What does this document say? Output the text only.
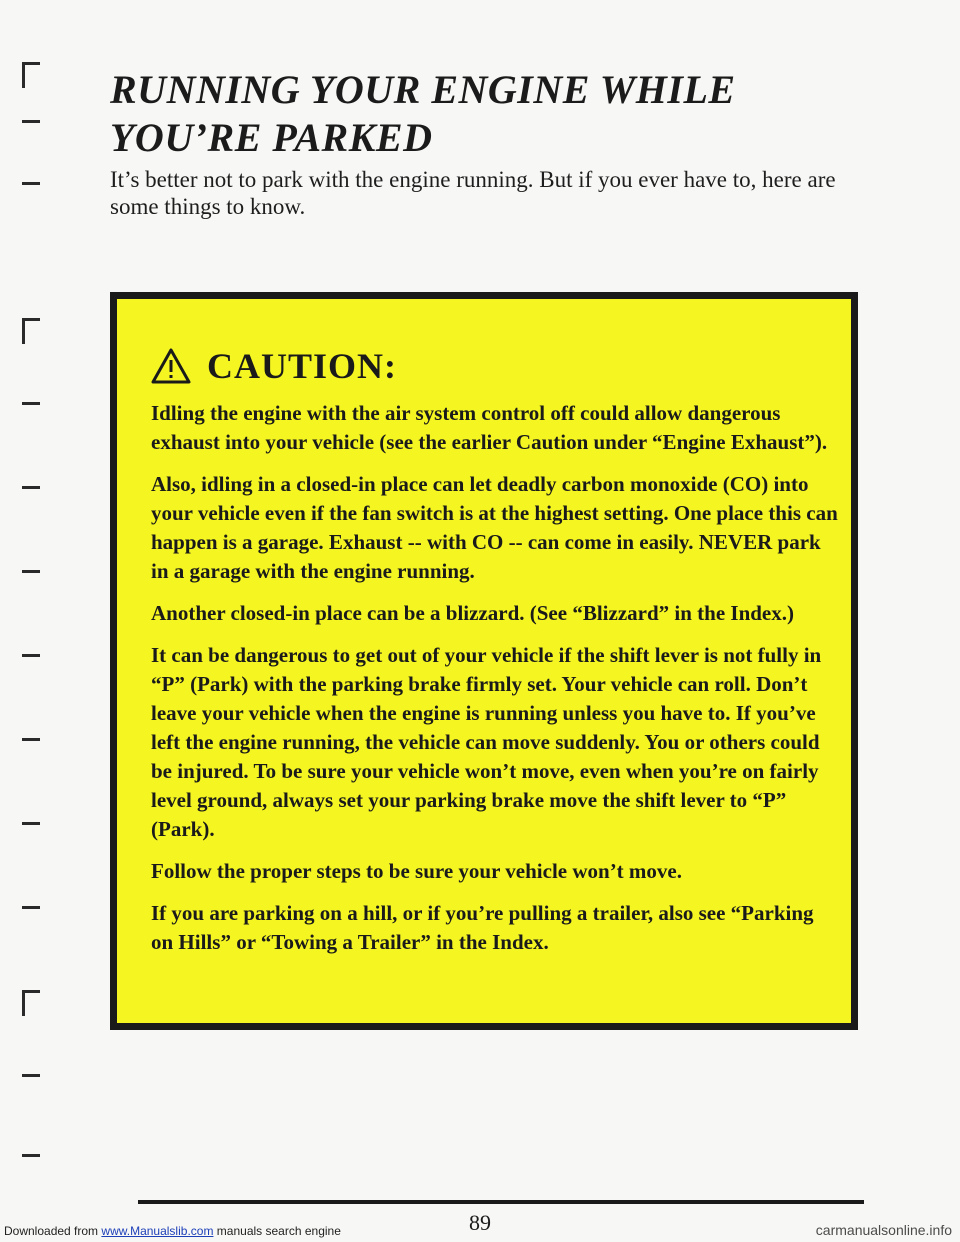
RUNNING YOUR ENGINE WHILE YOU’RE PARKED

It’s better not to park with the engine running. But if you ever have to, here are some things to know.

CAUTION:

Idling the engine with the air system control off could allow dangerous exhaust into your vehicle (see the earlier Caution under “Engine Exhaust”).

Also, idling in a closed-in place can let deadly carbon monoxide (CO) into your vehicle even if the fan switch is at the highest setting. One place this can happen is a garage. Exhaust -- with CO -- can come in easily. NEVER park in a garage with the engine running.

Another closed-in place can be a blizzard. (See “Blizzard” in the Index.)

It can be dangerous to get out of your vehicle if the shift lever is not fully in “P” (Park) with the parking brake firmly set. Your vehicle can roll. Don’t leave your vehicle when the engine is running unless you have to. If you’ve left the engine running, the vehicle can move suddenly. You or others could be injured. To be sure your vehicle won’t move, even when you’re on fairly level ground, always set your parking brake move the shift lever to “P” (Park).

Follow the proper steps to be sure your vehicle won’t move.

If you are parking on a hill, or if you’re pulling a trailer, also see “Parking on Hills” or “Towing a Trailer” in the Index.

89
Downloaded from www.Manualslib.com manuals search engine	carmanualsonline.info
